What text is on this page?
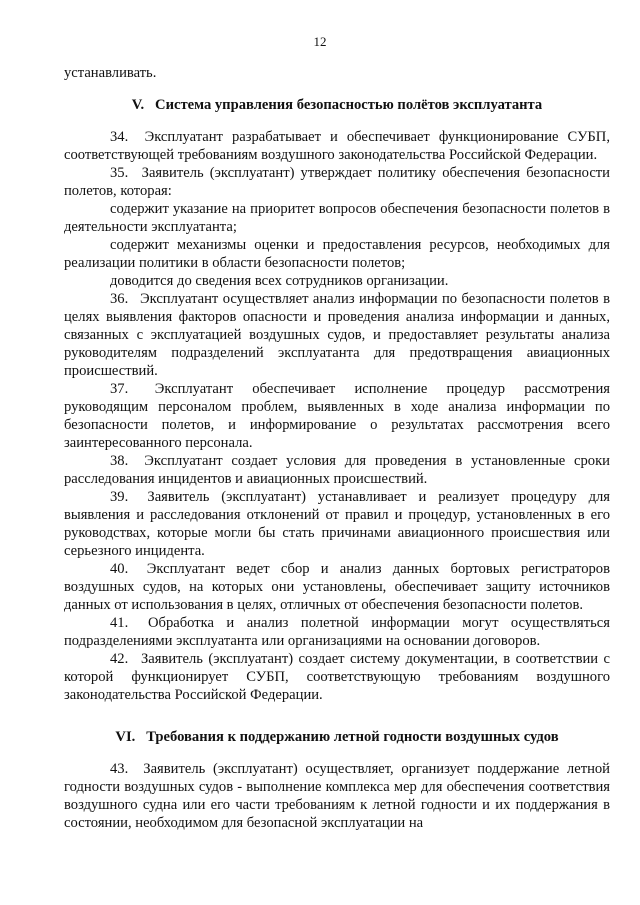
12

устанавливать.

V.  Система управления безопасностью полётов эксплуатанта

34.  Эксплуатант разрабатывает и обеспечивает функционирование СУБП, соответствующей требованиям воздушного законодательства Российской Федерации.

35.  Заявитель (эксплуатант) утверждает политику обеспечения безопасности полетов, которая:

содержит указание на приоритет вопросов обеспечения безопасности полетов в деятельности эксплуатанта;

содержит механизмы оценки и предоставления ресурсов, необходимых для реализации политики в области безопасности полетов;

доводится до сведения всех сотрудников организации.

36.  Эксплуатант осуществляет анализ информации по безопасности полетов в целях выявления факторов опасности и проведения анализа информации и данных, связанных с эксплуатацией воздушных судов, и предоставляет результаты анализа руководителям подразделений эксплуатанта для предотвращения авиационных происшествий.

37.  Эксплуатант обеспечивает исполнение процедур рассмотрения руководящим персоналом проблем, выявленных в ходе анализа информации по безопасности полетов, и информирование о результатах рассмотрения всего заинтересованного персонала.

38.  Эксплуатант создает условия для проведения в установленные сроки расследования инцидентов и авиационных происшествий.

39.  Заявитель (эксплуатант) устанавливает и реализует процедуру для выявления и расследования отклонений от правил и процедур, установленных в его руководствах, которые могли бы стать причинами авиационного происшествия или серьезного инцидента.

40.  Эксплуатант ведет сбор и анализ данных бортовых регистраторов воздушных судов, на которых они установлены, обеспечивает защиту источников данных от использования в целях, отличных от обеспечения безопасности полетов.

41.  Обработка и анализ полетной информации могут осуществляться подразделениями эксплуатанта или организациями на основании договоров.

42.  Заявитель (эксплуатант) создает систему документации, в соответствии с которой функционирует СУБП, соответствующую требованиям воздушного законодательства Российской Федерации.

VI.  Требования к поддержанию летной годности воздушных судов

43.  Заявитель (эксплуатант) осуществляет, организует поддержание летной годности воздушных судов - выполнение комплекса мер для обеспечения соответствия воздушного судна или его части требованиям к летной годности и их поддержания в состоянии, необходимом для безопасной эксплуатации на
